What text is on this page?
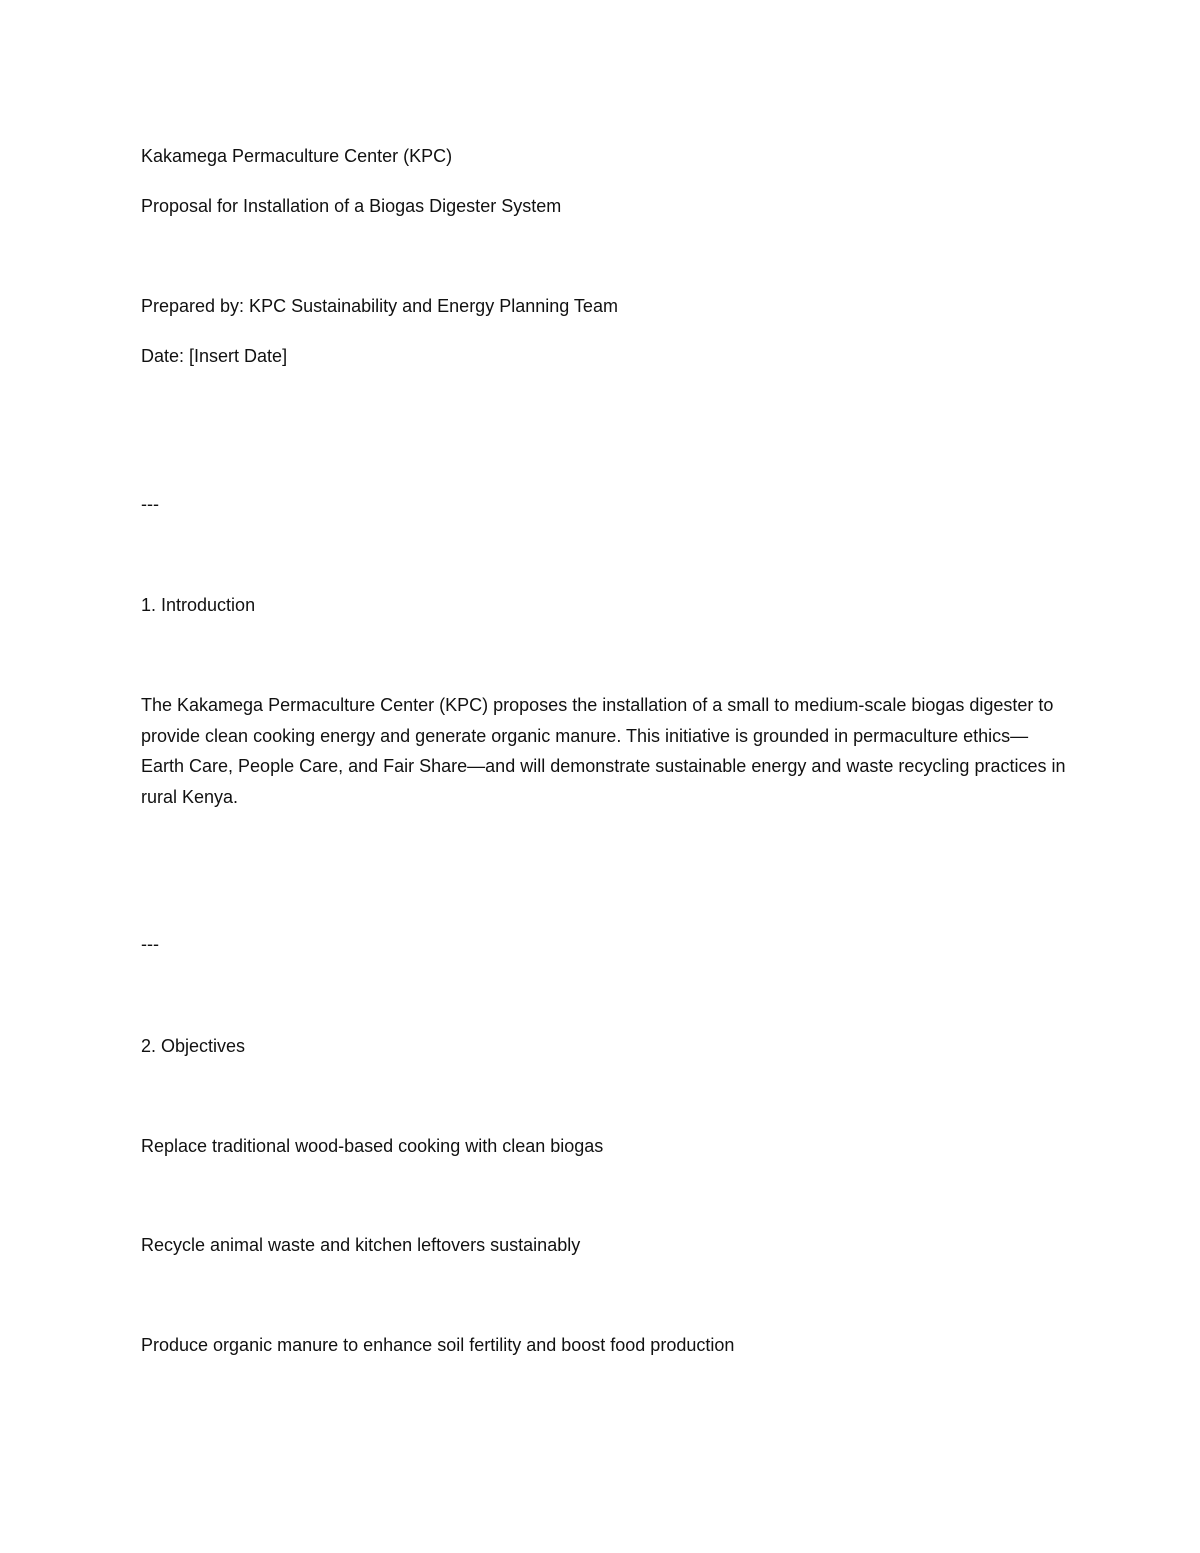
Kakamega Permaculture Center (KPC)

Proposal for Installation of a Biogas Digester System

Prepared by: KPC Sustainability and Energy Planning Team

Date: [Insert Date]

---

1. Introduction

The Kakamega Permaculture Center (KPC) proposes the installation of a small to medium-scale biogas digester to provide clean cooking energy and generate organic manure. This initiative is grounded in permaculture ethics—Earth Care, People Care, and Fair Share—and will demonstrate sustainable energy and waste recycling practices in rural Kenya.

---

2. Objectives

Replace traditional wood-based cooking with clean biogas

Recycle animal waste and kitchen leftovers sustainably

Produce organic manure to enhance soil fertility and boost food production
